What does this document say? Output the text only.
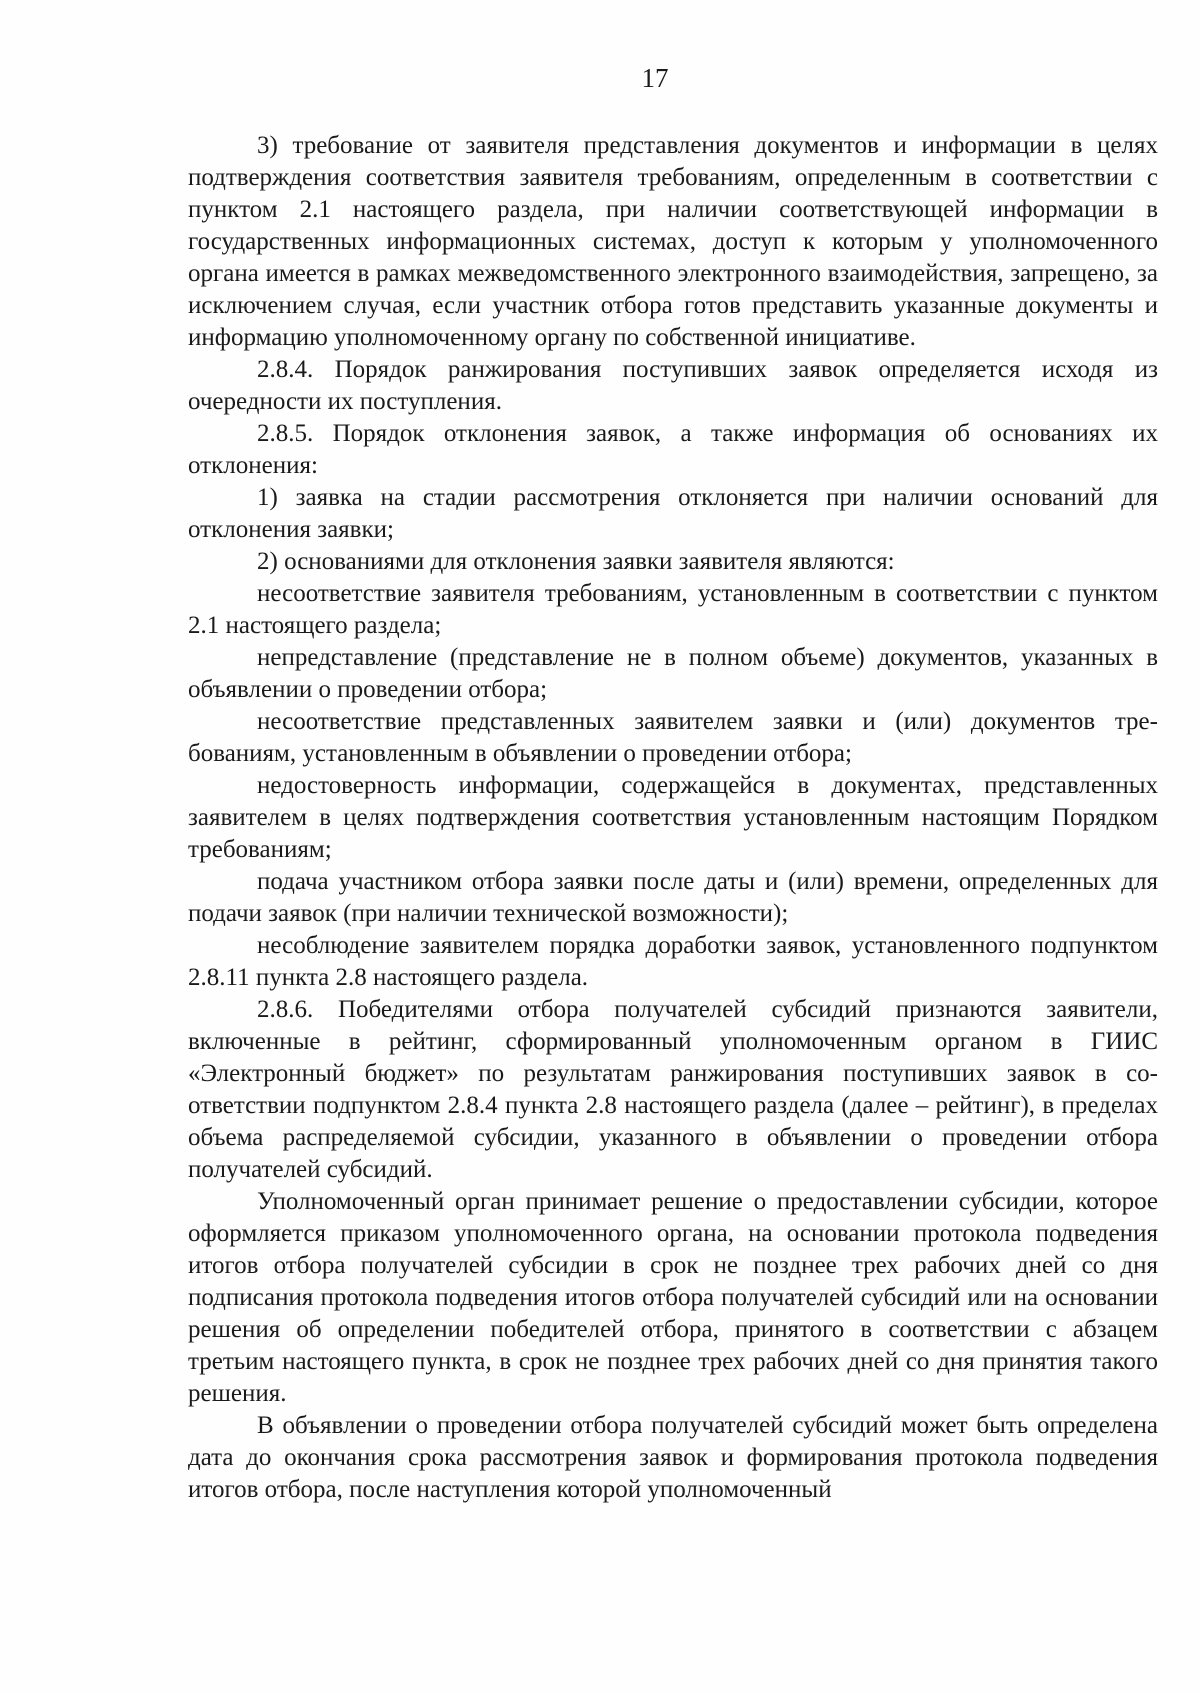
17

3) требование от заявителя представления документов и информации в целях подтверждения соответствия заявителя требованиям, определенным в соответствии с пунктом 2.1 настоящего раздела, при наличии соответствующей информации в государственных информационных системах, доступ к которым у уполномоченного органа имеется в рамках межведомственного электронного взаимодействия, запрещено, за исключением случая, если участник отбора готов представить указанные документы и информацию уполномоченному органу по собственной инициативе.

2.8.4. Порядок ранжирования поступивших заявок определяется исходя из очередности их поступления.

2.8.5. Порядок отклонения заявок, а также информация об основаниях их отклонения:

1) заявка на стадии рассмотрения отклоняется при наличии оснований для отклонения заявки;

2) основаниями для отклонения заявки заявителя являются:

несоответствие заявителя требованиям, установленным в соответствии с пунктом 2.1 настоящего раздела;

непредставление (представление не в полном объеме) документов, указанных в объявлении о проведении отбора;

несоответствие представленных заявителем заявки и (или) документов требованиям, установленным в объявлении о проведении отбора;

недостоверность информации, содержащейся в документах, представленных заявителем в целях подтверждения соответствия установленным настоящим Порядком требованиям;

подача участником отбора заявки после даты и (или) времени, определенных для подачи заявок (при наличии технической возможности);

несоблюдение заявителем порядка доработки заявок, установленного подпунктом 2.8.11 пункта 2.8 настоящего раздела.

2.8.6. Победителями отбора получателей субсидий признаются заявители, включенные в рейтинг, сформированный уполномоченным органом в ГИИС «Электронный бюджет» по результатам ранжирования поступивших заявок в соответствии подпунктом 2.8.4 пункта 2.8 настоящего раздела (далее – рейтинг), в пределах объема распределяемой субсидии, указанного в объявлении о проведении отбора получателей субсидий.

Уполномоченный орган принимает решение о предоставлении субсидии, которое оформляется приказом уполномоченного органа, на основании протокола подведения итогов отбора получателей субсидии в срок не позднее трех рабочих дней со дня подписания протокола подведения итогов отбора получателей субсидий или на основании решения об определении победителей отбора, принятого в соответствии с абзацем третьим настоящего пункта, в срок не позднее трех рабочих дней со дня принятия такого решения.

В объявлении о проведении отбора получателей субсидий может быть определена дата до окончания срока рассмотрения заявок и формирования протокола подведения итогов отбора, после наступления которой уполномоченный
